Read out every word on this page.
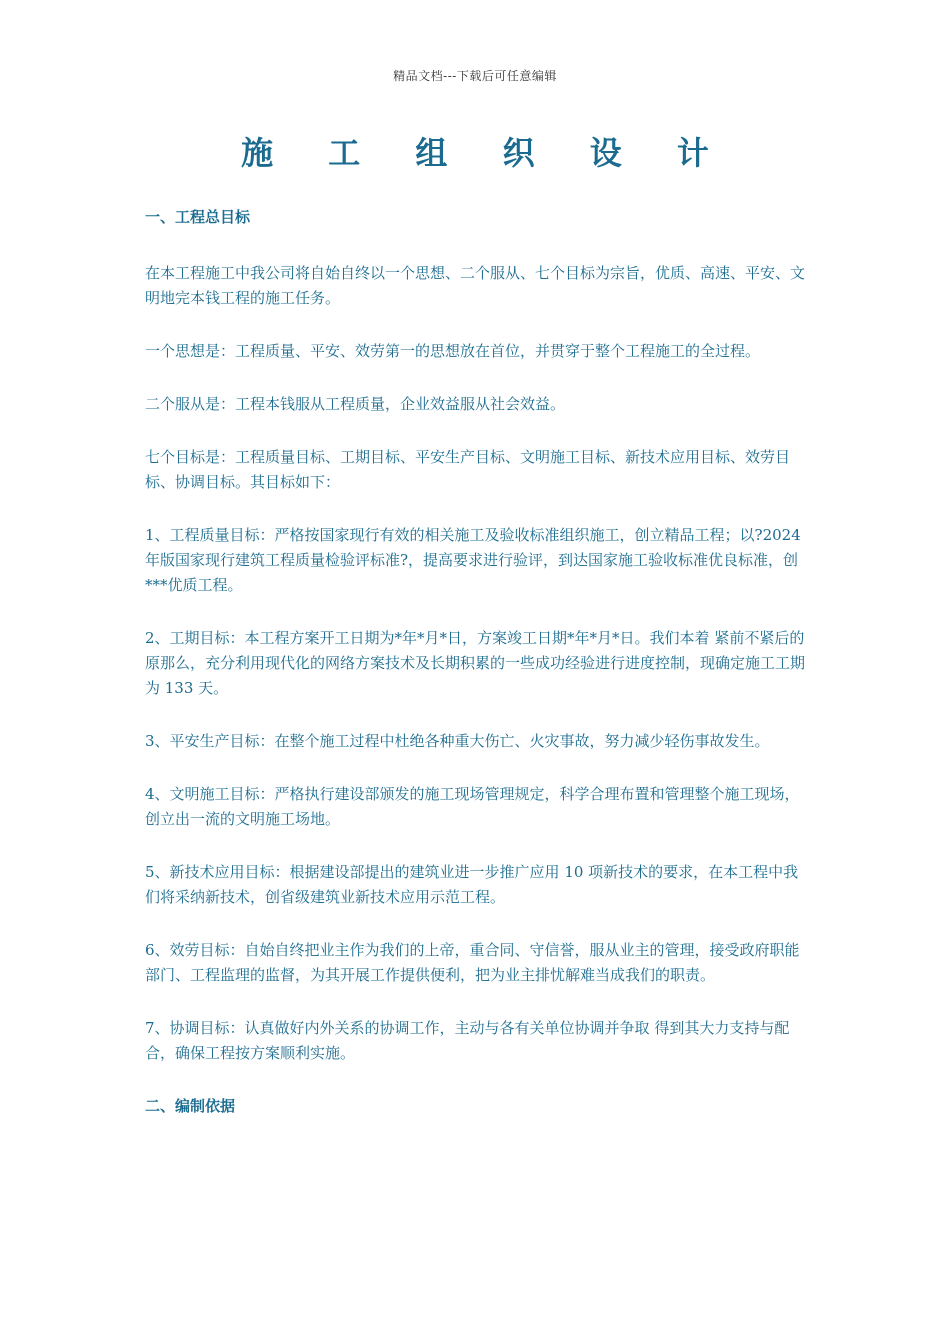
精品文档---下载后可任意编辑
施 工 组 织 设 计

一、工程总目标

在本工程施工中我公司将自始自终以一个思想、二个服从、七个目标为宗旨，优质、高速、平安、文明地完本钱工程的施工任务。

一个思想是：工程质量、平安、效劳第一的思想放在首位，并贯穿于整个工程施工的全过程。

二个服从是：工程本钱服从工程质量，企业效益服从社会效益。

七个目标是：工程质量目标、工期目标、平安生产目标、文明施工目标、新技术应用目标、效劳目标、协调目标。其目标如下：

1、工程质量目标：严格按国家现行有效的相关施工及验收标准组织施工，创立精品工程；以?2024 年版国家现行建筑工程质量检验评标准?，提高要求进行验评，到达国家施工验收标准优良标准，创***优质工程。

2、工期目标：本工程方案开工日期为*年*月*日，方案竣工日期*年*月*日。我们本着 紧前不紧后的原那么，充分利用现代化的网络方案技术及长期积累的一些成功经验进行进度控制，现确定施工工期为 133 天。

3、平安生产目标：在整个施工过程中杜绝各种重大伤亡、火灾事故，努力减少轻伤事故发生。

4、文明施工目标：严格执行建设部颁发的施工现场管理规定，科学合理布置和管理整个施工现场，创立出一流的文明施工场地。

5、新技术应用目标：根据建设部提出的建筑业进一步推广应用 10 项新技术的要求，在本工程中我们将采纳新技术，创省级建筑业新技术应用示范工程。

6、效劳目标：自始自终把业主作为我们的上帝，重合同、守信誉，服从业主的管理，接受政府职能部门、工程监理的监督，为其开展工作提供便利，把为业主排忧解难当成我们的职责。

7、协调目标：认真做好内外关系的协调工作，主动与各有关单位协调并争取 得到其大力支持与配合，确保工程按方案顺利实施。

二、编制依据
